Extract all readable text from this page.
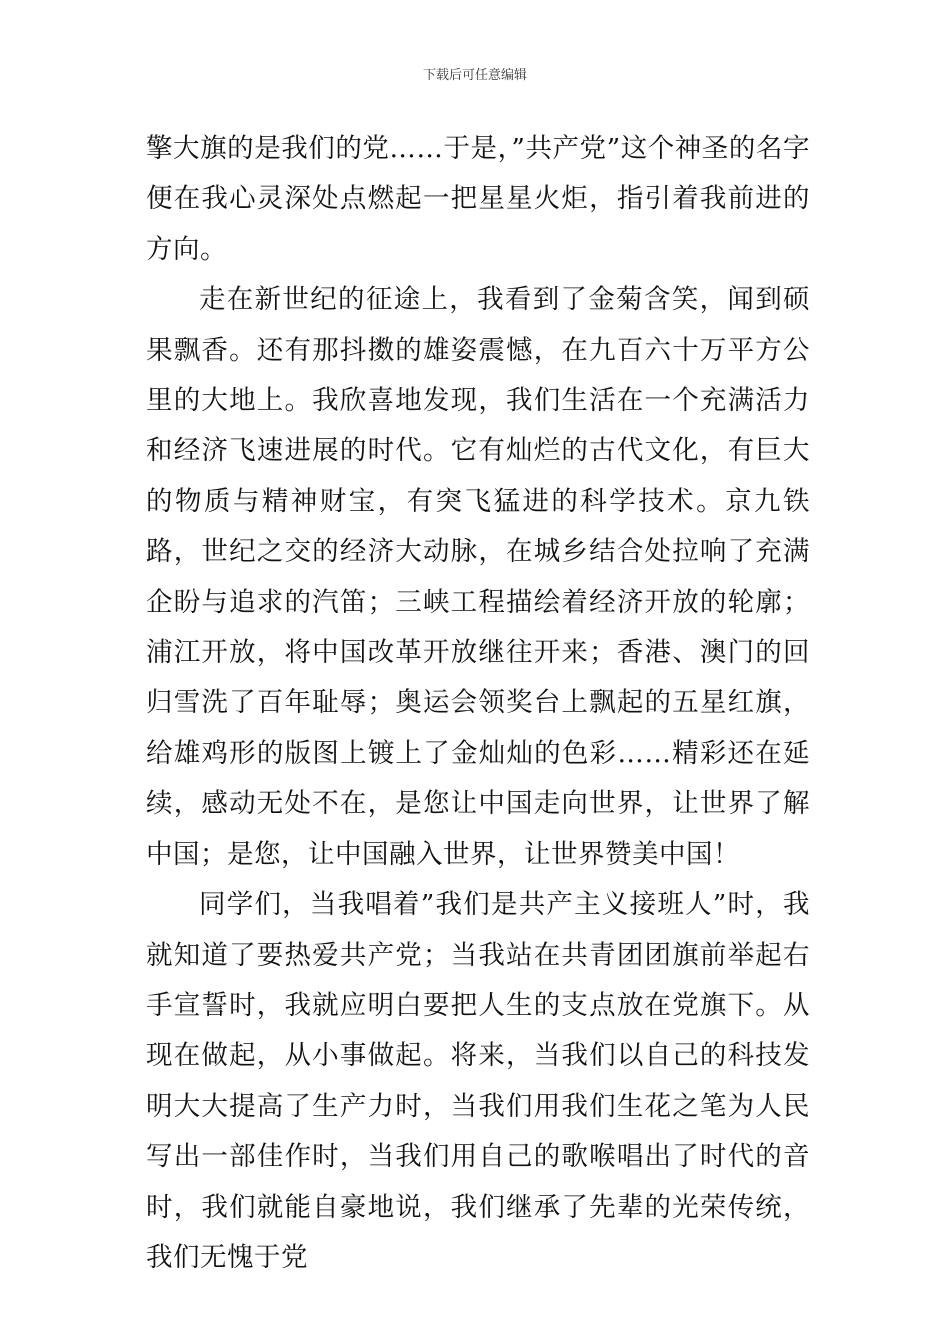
下载后可任意编辑

擎大旗的是我们的党……于是，”共产党”这个神圣的名字便在我心灵深处点燃起一把星星火炬，指引着我前进的方向。

走在新世纪的征途上，我看到了金菊含笑，闻到硕果飘香。还有那抖擞的雄姿震憾，在九百六十万平方公里的大地上。我欣喜地发现，我们生活在一个充满活力和经济飞速进展的时代。它有灿烂的古代文化，有巨大的物质与精神财宝，有突飞猛进的科学技术。京九铁路，世纪之交的经济大动脉，在城乡结合处拉响了充满企盼与追求的汽笛；三峡工程描绘着经济开放的轮廓；浦江开放，将中国改革开放继往开来；香港、澳门的回归雪洗了百年耻辱；奥运会领奖台上飘起的五星红旗，给雄鸡形的版图上镀上了金灿灿的色彩……精彩还在延续，感动无处不在，是您让中国走向世界，让世界了解中国；是您，让中国融入世界，让世界赞美中国！

同学们，当我唱着”我们是共产主义接班人”时，我就知道了要热爱共产党；当我站在共青团团旗前举起右手宣誓时，我就应明白要把人生的支点放在党旗下。从现在做起，从小事做起。将来，当我们以自己的科技发明大大提高了生产力时，当我们用我们生花之笔为人民写出一部佳作时，当我们用自己的歌喉唱出了时代的音时，我们就能自豪地说，我们继承了先辈的光荣传统，我们无愧于党
